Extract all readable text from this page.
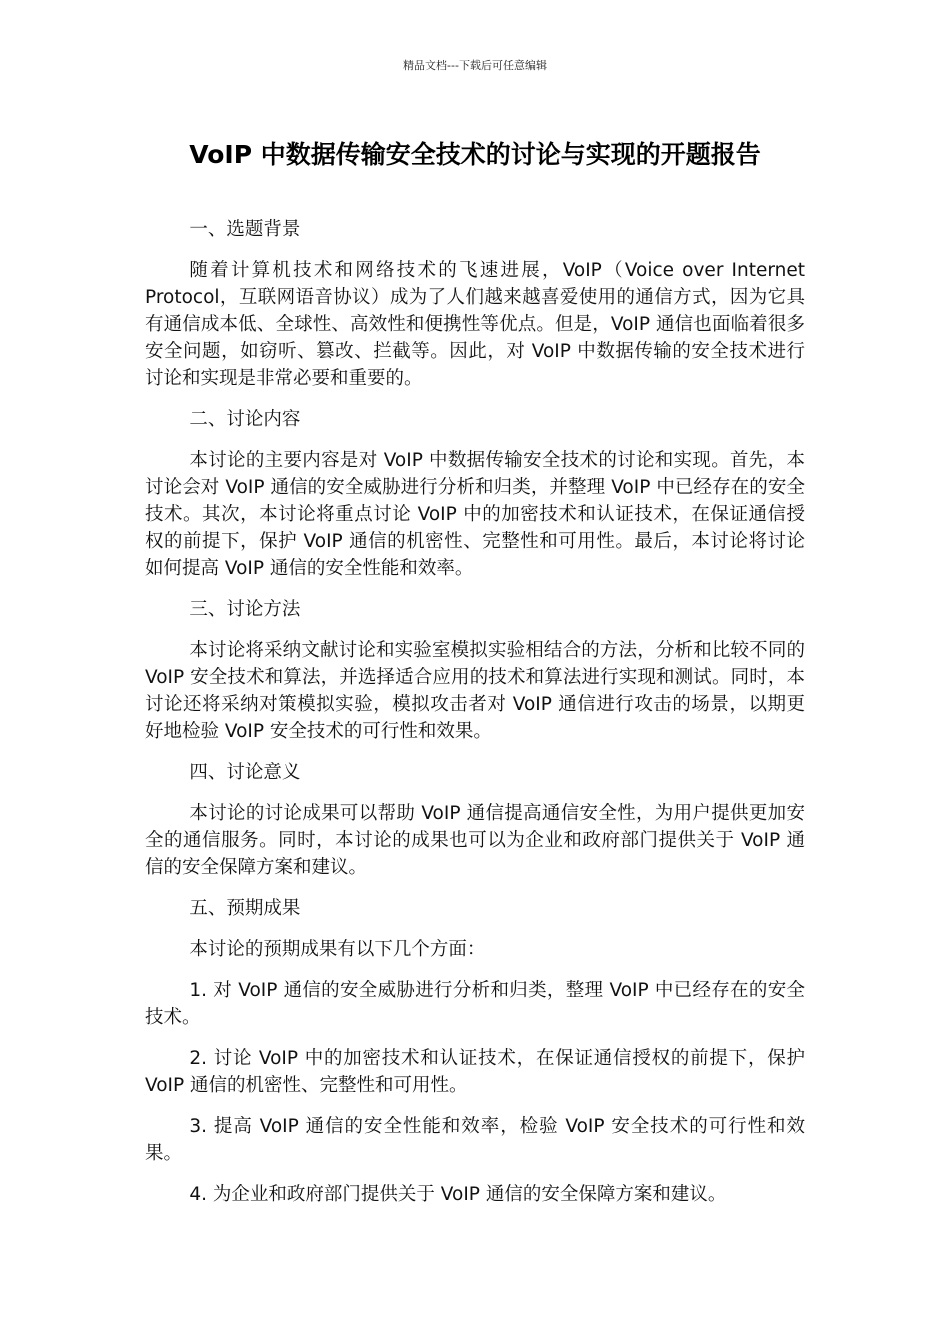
精品文档---下载后可任意编辑
VoIP 中数据传输安全技术的讨论与实现的开题报告
一、选题背景
随着计算机技术和网络技术的飞速进展，VoIP（Voice over Internet Protocol，互联网语音协议）成为了人们越来越喜爱使用的通信方式，因为它具有通信成本低、全球性、高效性和便携性等优点。但是，VoIP 通信也面临着很多安全问题，如窃听、篡改、拦截等。因此，对 VoIP 中数据传输的安全技术进行讨论和实现是非常必要和重要的。
二、讨论内容
本讨论的主要内容是对 VoIP 中数据传输安全技术的讨论和实现。首先，本讨论会对 VoIP 通信的安全威胁进行分析和归类，并整理 VoIP 中已经存在的安全技术。其次，本讨论将重点讨论 VoIP 中的加密技术和认证技术，在保证通信授权的前提下，保护 VoIP 通信的机密性、完整性和可用性。最后，本讨论将讨论如何提高 VoIP 通信的安全性能和效率。
三、讨论方法
本讨论将采纳文献讨论和实验室模拟实验相结合的方法，分析和比较不同的 VoIP 安全技术和算法，并选择适合应用的技术和算法进行实现和测试。同时，本讨论还将采纳对策模拟实验，模拟攻击者对 VoIP 通信进行攻击的场景，以期更好地检验 VoIP 安全技术的可行性和效果。
四、讨论意义
本讨论的讨论成果可以帮助 VoIP 通信提高通信安全性，为用户提供更加安全的通信服务。同时，本讨论的成果也可以为企业和政府部门提供关于 VoIP 通信的安全保障方案和建议。
五、预期成果
本讨论的预期成果有以下几个方面：
1. 对 VoIP 通信的安全威胁进行分析和归类，整理 VoIP 中已经存在的安全技术。
2. 讨论 VoIP 中的加密技术和认证技术，在保证通信授权的前提下，保护 VoIP 通信的机密性、完整性和可用性。
3. 提高 VoIP 通信的安全性能和效率，检验 VoIP 安全技术的可行性和效果。
4. 为企业和政府部门提供关于 VoIP 通信的安全保障方案和建议。
